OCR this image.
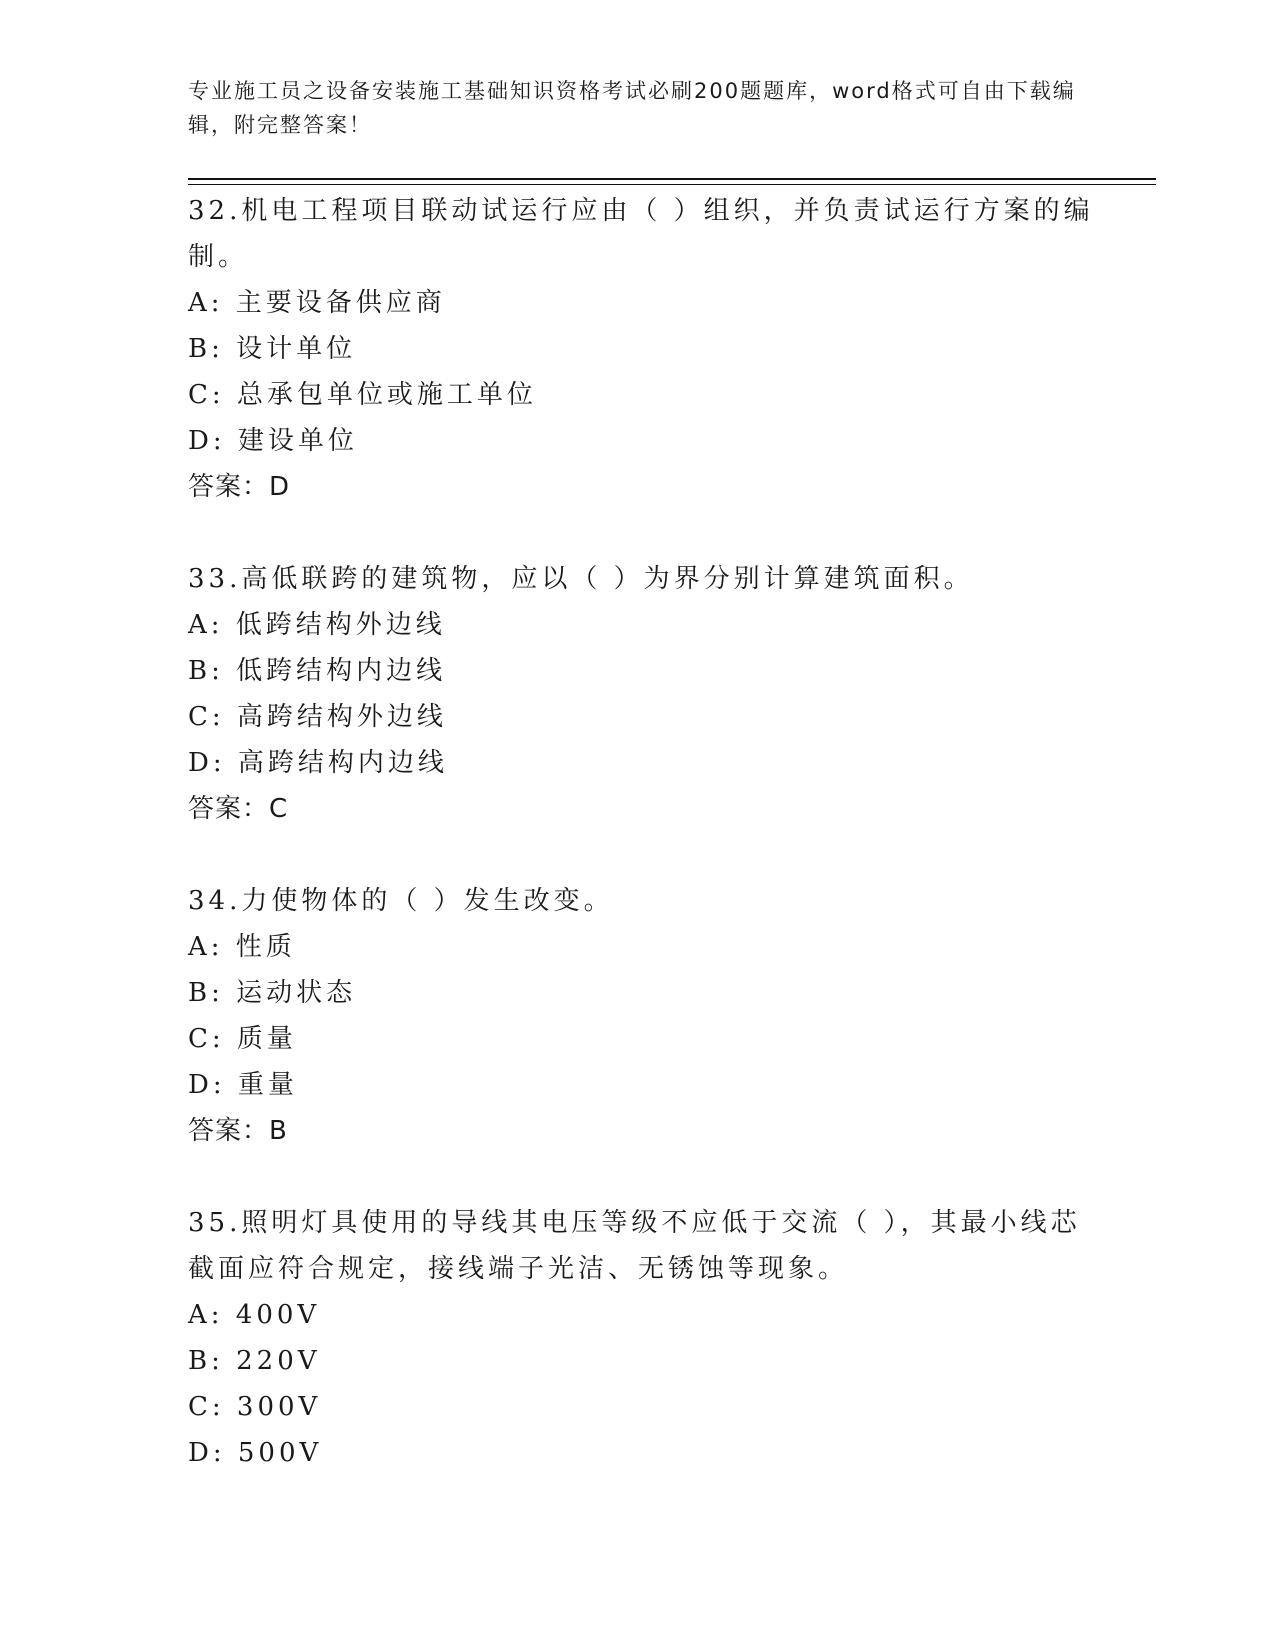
专业施工员之设备安装施工基础知识资格考试必刷200题题库，word格式可自由下载编辑，附完整答案！

32.机电工程项目联动试运行应由（ ）组织，并负责试运行方案的编制。

A: 主要设备供应商
B: 设计单位
C: 总承包单位或施工单位
D: 建设单位
答案：D

33.高低联跨的建筑物，应以（ ）为界分别计算建筑面积。

A: 低跨结构外边线
B: 低跨结构内边线
C: 高跨结构外边线
D: 高跨结构内边线
答案：C

34.力使物体的（ ）发生改变。

A: 性质
B: 运动状态
C: 质量
D: 重量
答案：B

35.照明灯具使用的导线其电压等级不应低于交流（ ），其最小线芯截面应符合规定，接线端子光洁、无锈蚀等现象。

A: 400V
B: 220V
C: 300V
D: 500V
